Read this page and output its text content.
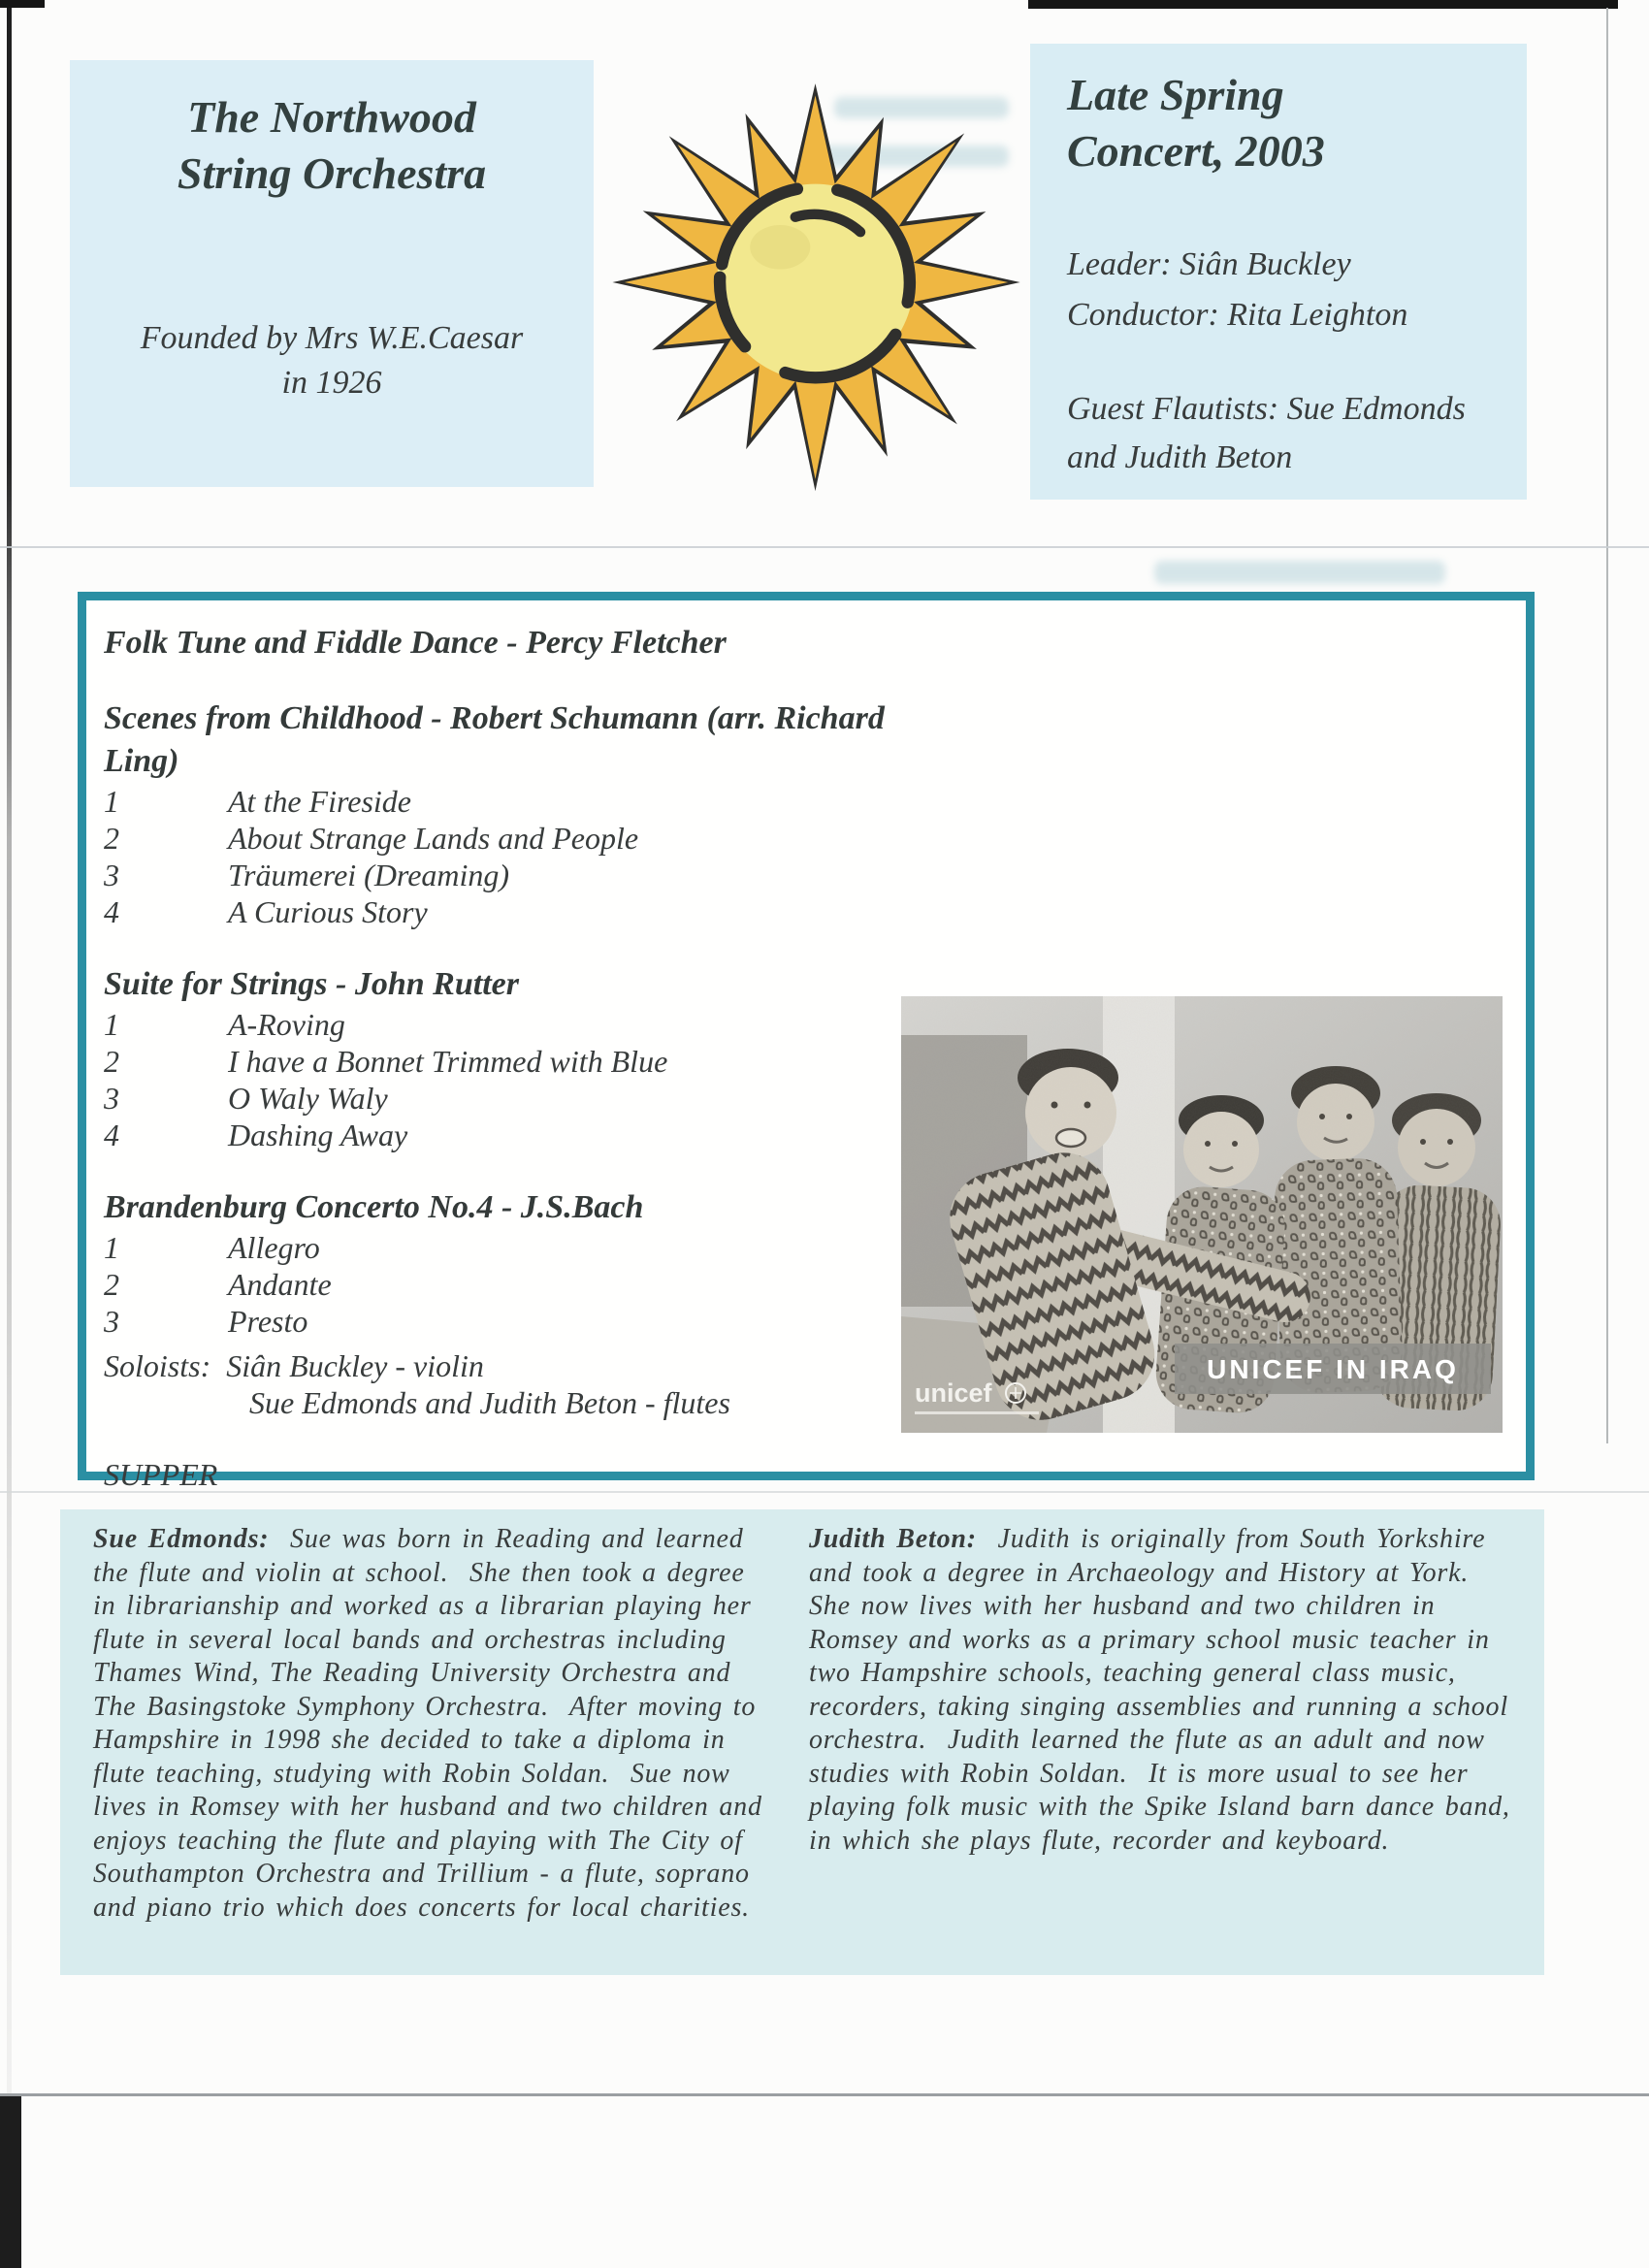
The Northwood
String Orchestra
Founded by Mrs W.E.Caesar
in 1926
Late Spring
Concert, 2003
Leader: Siân Buckley
Conductor: Rita Leighton
Guest Flautists: Sue Edmonds
and Judith Beton
Folk Tune and Fiddle Dance - Percy Fletcher
Scenes from Childhood - Robert Schumann (arr. Richard Ling)
1	At the Fireside
2	About Strange Lands and People
3	Träumerei (Dreaming)
4	A Curious Story
Suite for Strings - John Rutter
1	A-Roving
2	I have a Bonnet Trimmed with Blue
3	O Waly Waly
4	Dashing Away
Brandenburg Concerto No.4 - J.S.Bach
1	Allegro
2	Andante
3	Presto
Soloists:  Siân Buckley - violin
Sue Edmonds and Judith Beton - flutes
SUPPER
unicef
UNICEF IN IRAQ
Sue Edmonds:  Sue was born in Reading and learned the flute and violin at school.  She then took a degree in librarianship and worked as a librarian playing her flute in several local bands and orchestras including Thames Wind, The Reading University Orchestra and The Basingstoke Symphony Orchestra.  After moving to Hampshire in 1998 she decided to take a diploma in flute teaching, studying with Robin Soldan.  Sue now lives in Romsey with her husband and two children and enjoys teaching the flute and playing with The City of Southampton Orchestra and Trillium - a flute, soprano and piano trio which does concerts for local charities.
Judith Beton:  Judith is originally from South Yorkshire and took a degree in Archaeology and History at York.  She now lives with her husband and two children in Romsey and works as a primary school music teacher in two Hampshire schools, teaching general class music, recorders, taking singing assemblies and running a school orchestra.  Judith learned the flute as an adult and now studies with Robin Soldan.  It is more usual to see her playing folk music with the Spike Island barn dance band, in which she plays flute, recorder and keyboard.
